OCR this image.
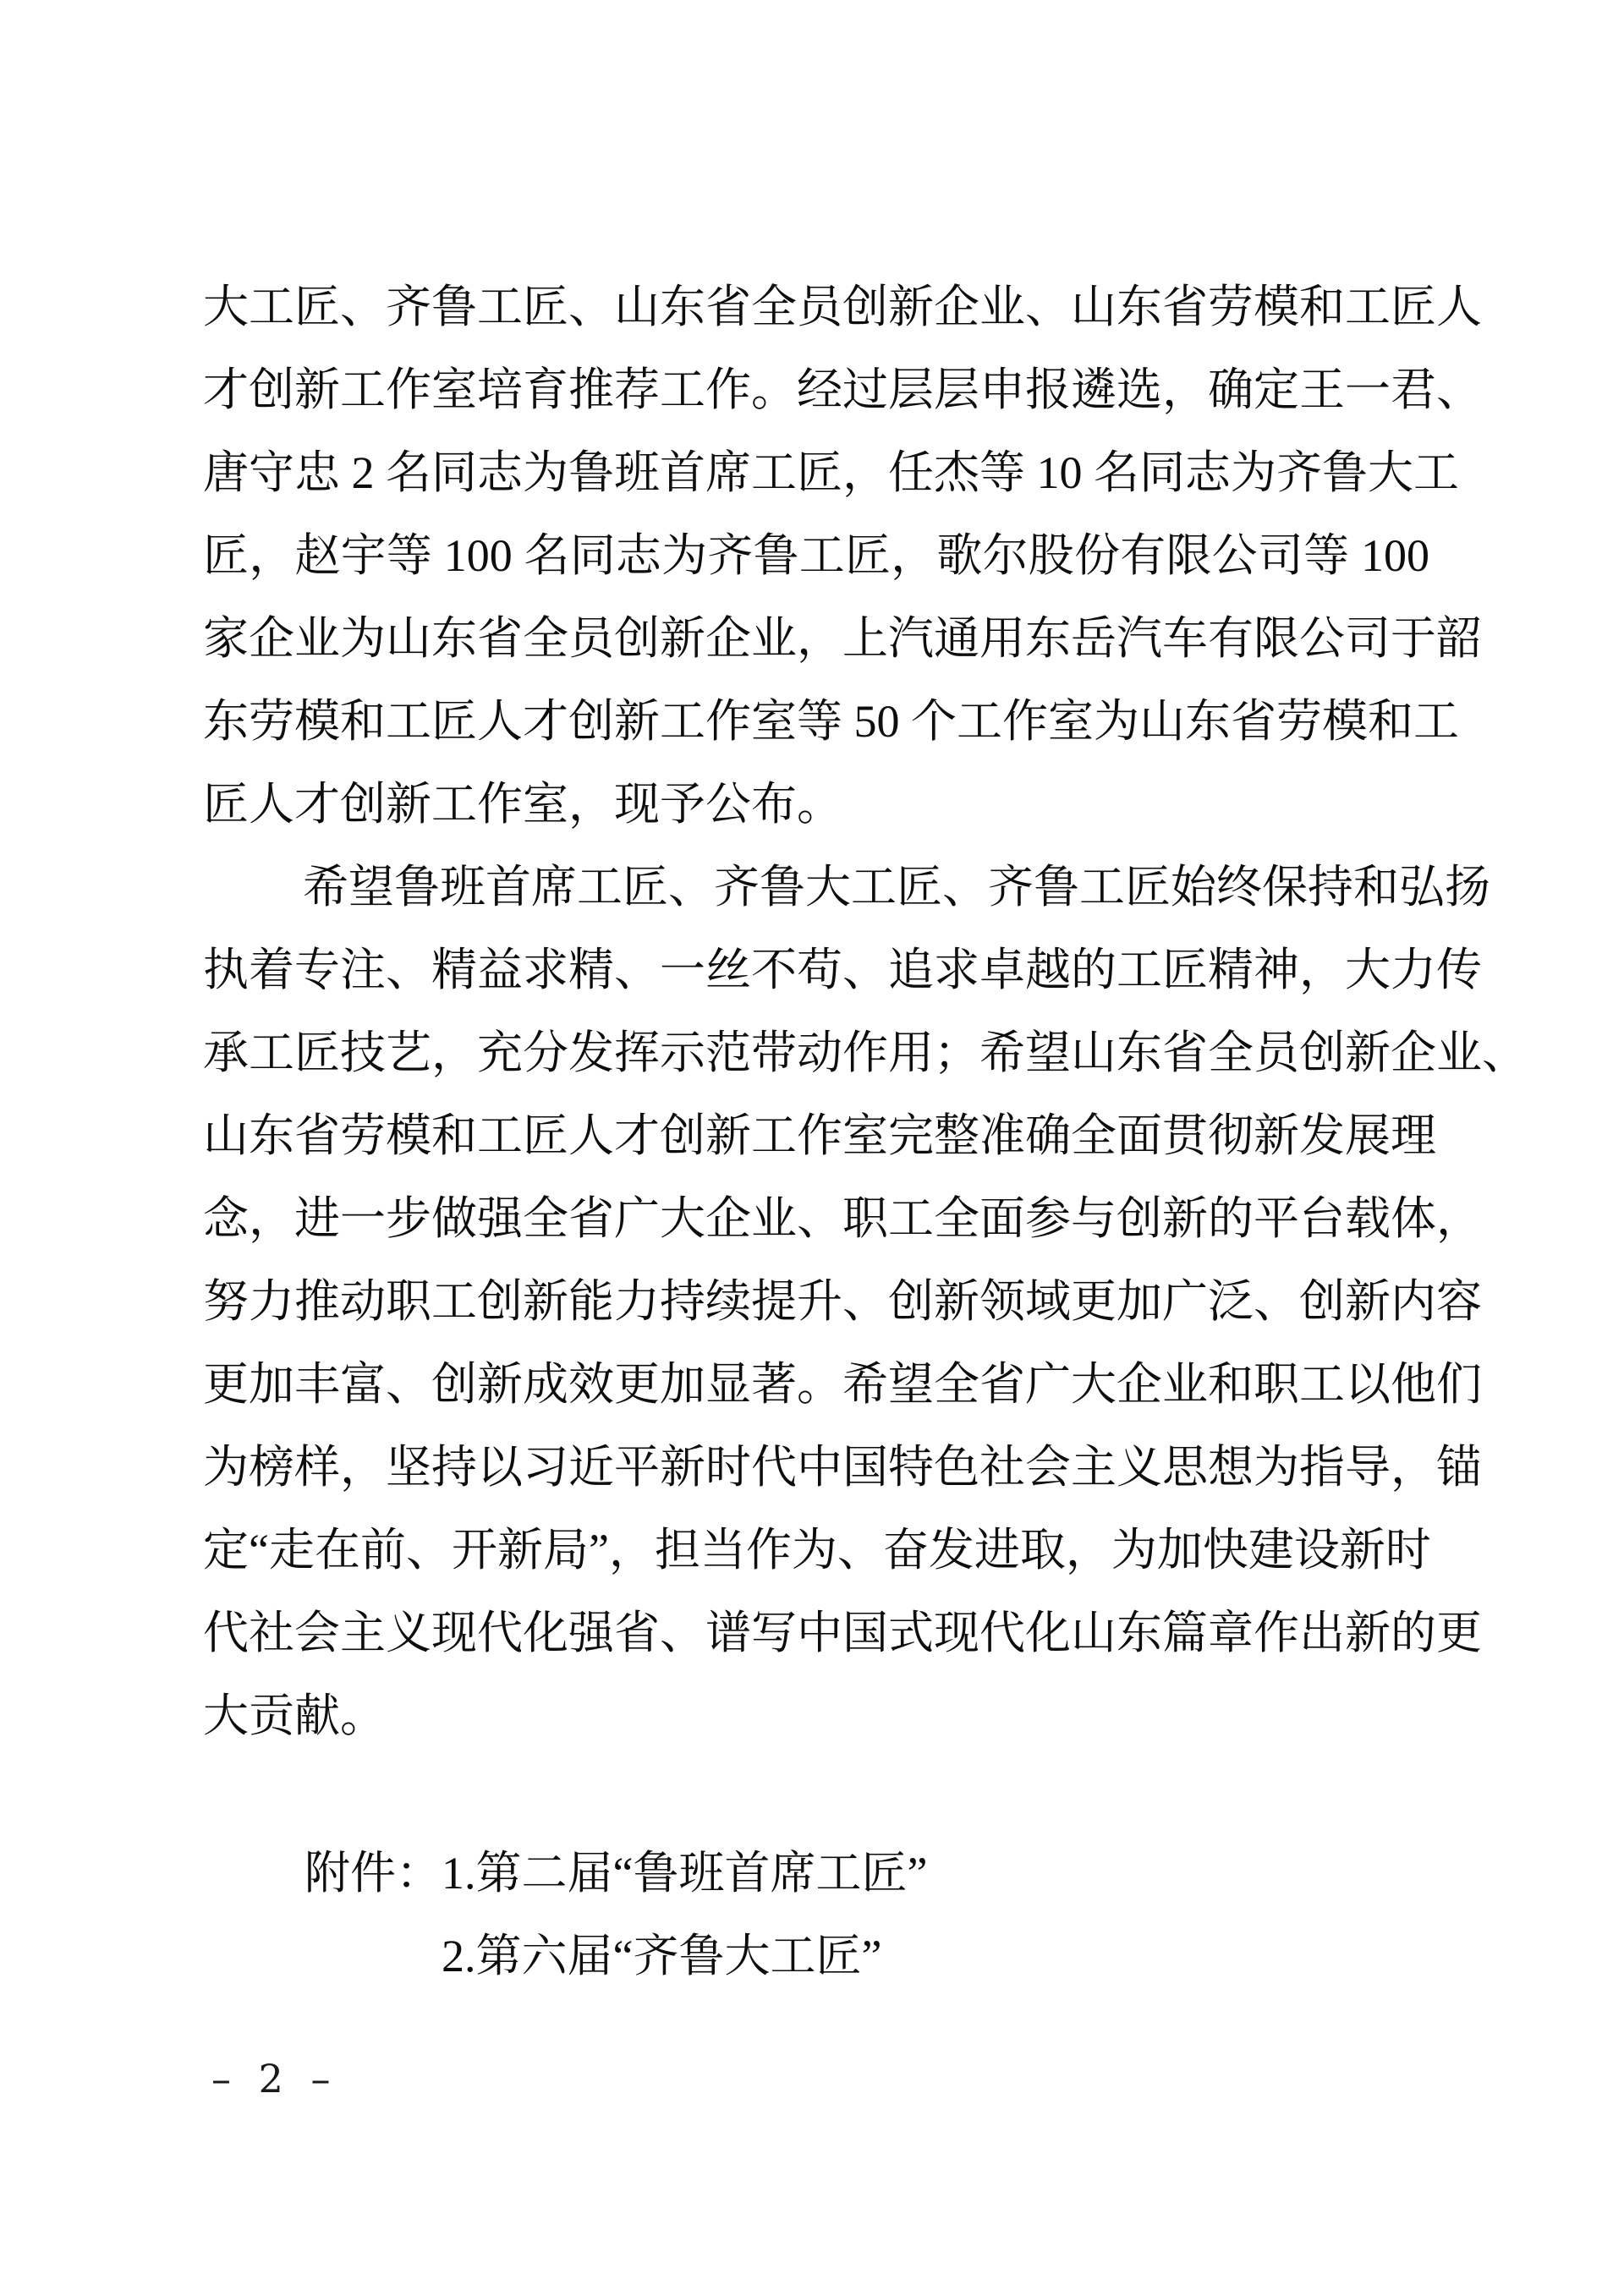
大工匠、齐鲁工匠、山东省全员创新企业、山东省劳模和工匠人
才创新工作室培育推荐工作。经过层层申报遴选，确定王一君、
唐守忠 2 名同志为鲁班首席工匠，任杰等 10 名同志为齐鲁大工
匠，赵宇等 100 名同志为齐鲁工匠，歌尔股份有限公司等 100
家企业为山东省全员创新企业，上汽通用东岳汽车有限公司于韶
东劳模和工匠人才创新工作室等 50 个工作室为山东省劳模和工
匠人才创新工作室，现予公布。
希望鲁班首席工匠、齐鲁大工匠、齐鲁工匠始终保持和弘扬
执着专注、精益求精、一丝不苟、追求卓越的工匠精神，大力传
承工匠技艺，充分发挥示范带动作用；希望山东省全员创新企业、
山东省劳模和工匠人才创新工作室完整准确全面贯彻新发展理
念，进一步做强全省广大企业、职工全面参与创新的平台载体，
努力推动职工创新能力持续提升、创新领域更加广泛、创新内容
更加丰富、创新成效更加显著。希望全省广大企业和职工以他们
为榜样，坚持以习近平新时代中国特色社会主义思想为指导，锚
定“走在前、开新局”，担当作为、奋发进取，为加快建设新时
代社会主义现代化强省、谱写中国式现代化山东篇章作出新的更
大贡献。
附件：1.第二届“鲁班首席工匠”
2.第六届“齐鲁大工匠”
– 2 –
